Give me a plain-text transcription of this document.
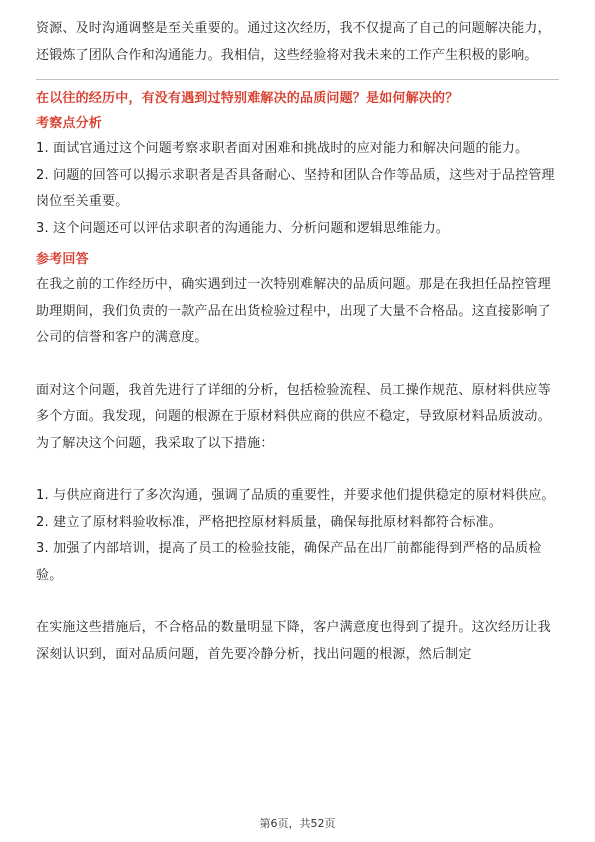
资源、及时沟通调整是至关重要的。通过这次经历，我不仅提高了自己的问题解决能力，还锻炼了团队合作和沟通能力。我相信，这些经验将对我未来的工作产生积极的影响。

在以往的经历中，有没有遇到过特别难解决的品质问题？是如何解决的？

考察点分析

1. 面试官通过这个问题考察求职者面对困难和挑战时的应对能力和解决问题的能力。

2. 问题的回答可以揭示求职者是否具备耐心、坚持和团队合作等品质，这些对于品控管理岗位至关重要。

3. 这个问题还可以评估求职者的沟通能力、分析问题和逻辑思维能力。

参考回答

在我之前的工作经历中，确实遇到过一次特别难解决的品质问题。那是在我担任品控管理助理期间，我们负责的一款产品在出货检验过程中，出现了大量不合格品。这直接影响了公司的信誉和客户的满意度。

面对这个问题，我首先进行了详细的分析，包括检验流程、员工操作规范、原材料供应等多个方面。我发现，问题的根源在于原材料供应商的供应不稳定，导致原材料品质波动。为了解决这个问题，我采取了以下措施：

1. 与供应商进行了多次沟通，强调了品质的重要性，并要求他们提供稳定的原材料供应。

2. 建立了原材料验收标准，严格把控原材料质量，确保每批原材料都符合标准。

3. 加强了内部培训，提高了员工的检验技能，确保产品在出厂前都能得到严格的品质检验。

在实施这些措施后，不合格品的数量明显下降，客户满意度也得到了提升。这次经历让我深刻认识到，面对品质问题，首先要冷静分析，找出问题的根源，然后制定

第6页，共52页
